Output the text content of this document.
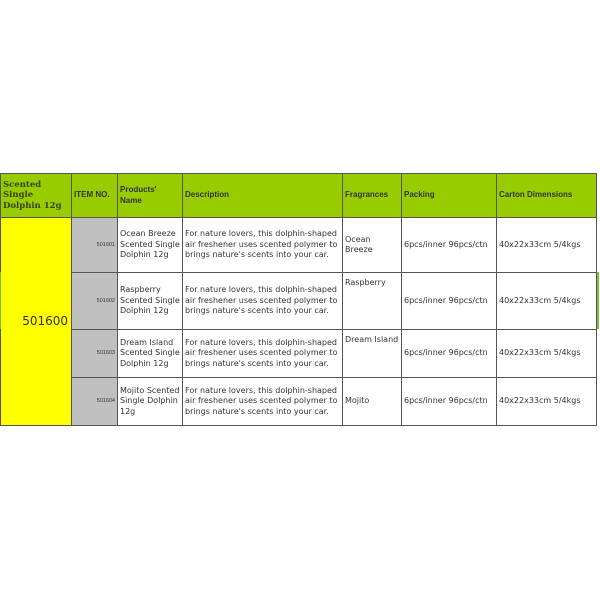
Scented Single Dolphin 12g	ITEM NO.	Products' Name	Description	Fragrances	Packing	Carton Dimensions
501600	501601	Ocean Breeze Scented Single Dolphin 12g	For nature lovers, this dolphin-shaped air freshener uses scented polymer to brings nature's scents into your car.	Ocean Breeze	6pcs/inner 96pcs/ctn	40x22x33cm 5/4kgs
	501602	Raspberry Scented Single Dolphin 12g	For nature lovers, this dolphin-shaped air freshener uses scented polymer to brings nature's scents into your car.	Raspberry	6pcs/inner 96pcs/ctn	40x22x33cm 5/4kgs
	501603	Dream Island Scented Single Dolphin 12g	For nature lovers, this dolphin-shaped air freshener uses scented polymer to brings nature's scents into your car.	Dream Island	6pcs/inner 96pcs/ctn	40x22x33cm 5/4kgs
	501604	Mojito Scented Single Dolphin 12g	For nature lovers, this dolphin-shaped air freshener uses scented polymer to brings nature's scents into your car.	Mojito	6pcs/inner 96pcs/ctn	40x22x33cm 5/4kgs
